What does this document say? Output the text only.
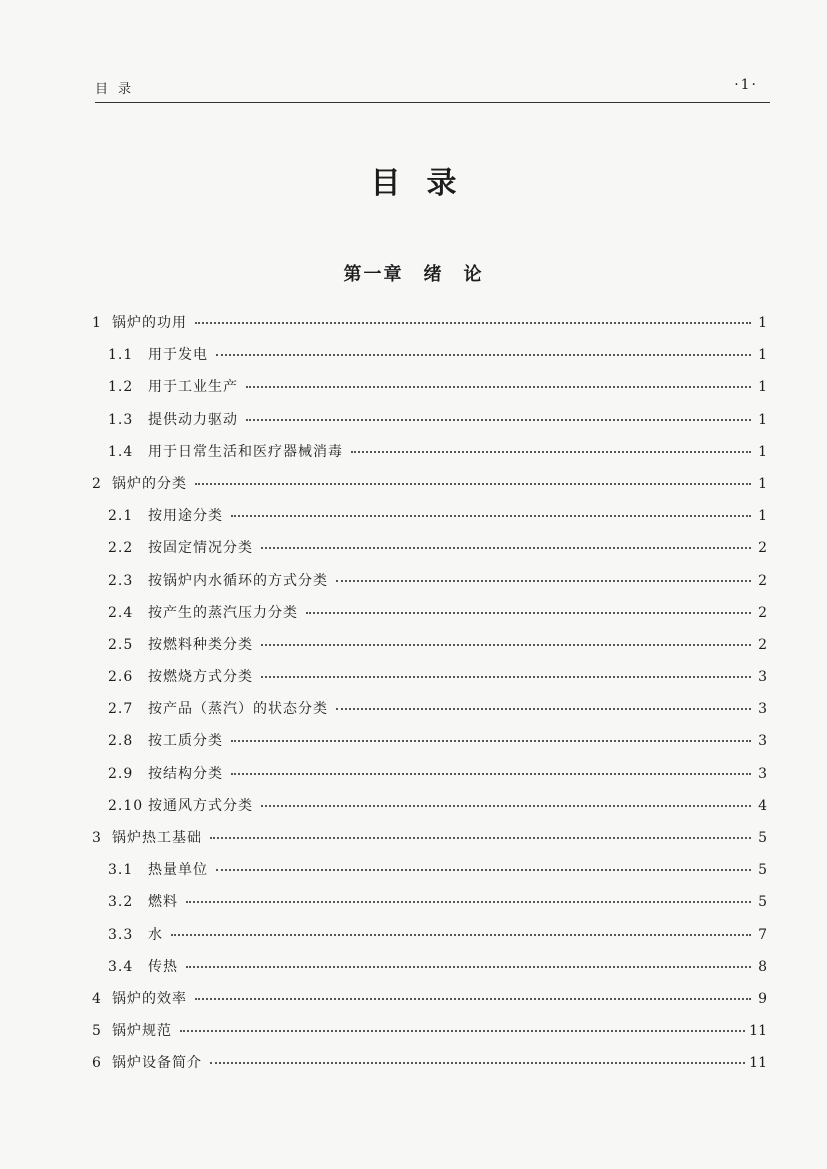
目录	·1·
目录
第一章　绪　论
1 锅炉的功用	1
1.1	用于发电	1
1.2	用于工业生产	1
1.3	提供动力驱动	1
1.4	用于日常生活和医疗器械消毒	1
2 锅炉的分类	1
2.1	按用途分类	1
2.2	按固定情况分类	2
2.3	按锅炉内水循环的方式分类	2
2.4	按产生的蒸汽压力分类	2
2.5	按燃料种类分类	2
2.6	按燃烧方式分类	3
2.7	按产品（蒸汽）的状态分类	3
2.8	按工质分类	3
2.9	按结构分类	3
2.10 按通风方式分类	4
3 锅炉热工基础	5
3.1	热量单位	5
3.2	燃料	5
3.3	水	7
3.4	传热	8
4 锅炉的效率	9
5 锅炉规范	11
6 锅炉设备简介	11
